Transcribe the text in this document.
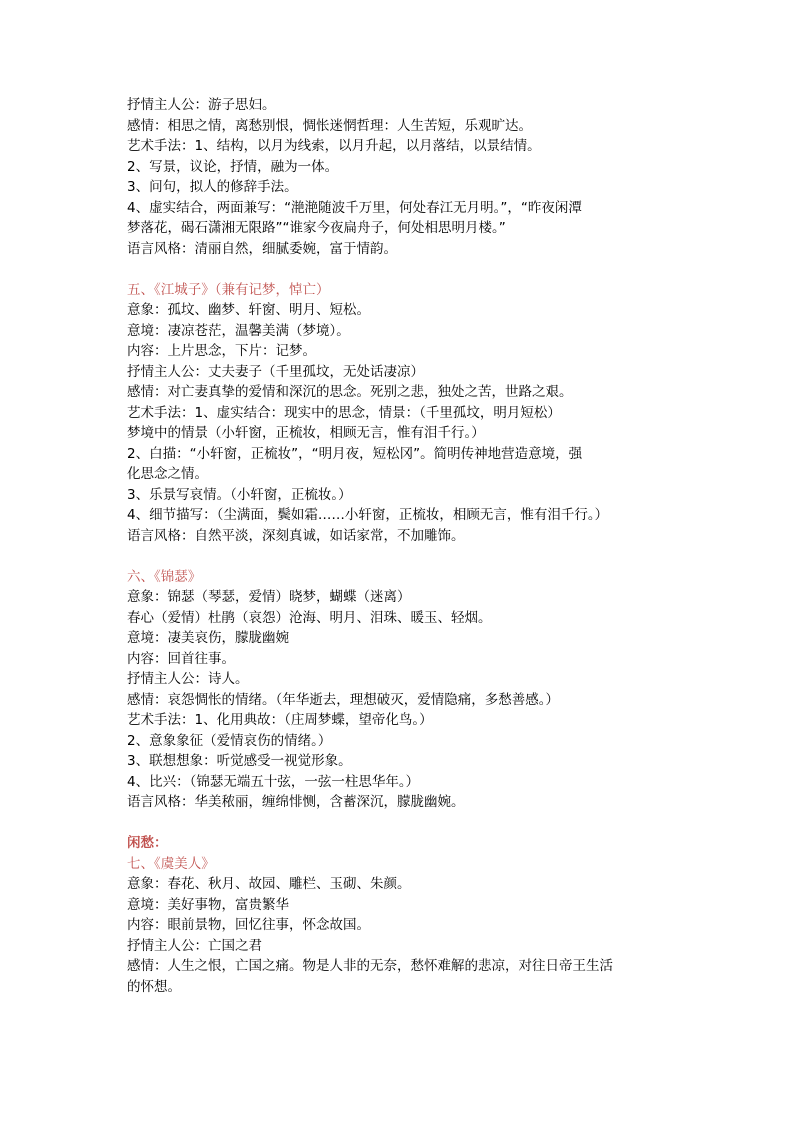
抒情主人公：游子思妇。
感情：相思之情，离愁别恨，惆怅迷惘哲理：人生苦短，乐观旷达。
艺术手法：1、结构，以月为线索，以月升起，以月落结，以景结情。
2、写景，议论，抒情，融为一体。
3、问句，拟人的修辞手法。
4、虚实结合，两面兼写：“滟滟随波千万里，何处春江无月明。”，“昨夜闲潭
梦落花，碣石潇湘无限路”“谁家今夜扁舟子，何处相思明月楼。”
语言风格：清丽自然，细腻委婉，富于情韵。
五、《江城子》（兼有记梦，悼亡）
意象：孤坟、幽梦、轩窗、明月、短松。
意境：凄凉苍茫，温馨美满（梦境）。
内容：上片思念，下片：记梦。
抒情主人公：丈夫妻子（千里孤坟，无处话凄凉）
感情：对亡妻真挚的爱情和深沉的思念。死别之悲，独处之苦，世路之艰。
艺术手法：1、虚实结合：现实中的思念，情景：（千里孤坟，明月短松）
梦境中的情景（小轩窗，正梳妆，相顾无言，惟有泪千行。）
2、白描：“小轩窗，正梳妆”，“明月夜，短松冈”。简明传神地营造意境，强
化思念之情。
3、乐景写哀情。（小轩窗，正梳妆。）
4、细节描写：（尘满面，鬓如霜……小轩窗，正梳妆，相顾无言，惟有泪千行。）
语言风格：自然平淡，深刻真诚，如话家常，不加雕饰。
六、《锦瑟》
意象：锦瑟（琴瑟，爱情）晓梦，蝴蝶（迷离）
春心（爱情）杜鹃（哀怨）沧海、明月、泪珠、暖玉、轻烟。
意境：凄美哀伤，朦胧幽婉
内容：回首往事。
抒情主人公：诗人。
感情：哀怨惆怅的情绪。（年华逝去，理想破灭，爱情隐痛，多愁善感。）
艺术手法：1、化用典故：（庄周梦蝶，望帝化鸟。）
2、意象象征（爱情哀伤的情绪。）
3、联想想象：听觉感受一视觉形象。
4、比兴：（锦瑟无端五十弦，一弦一柱思华年。）
语言风格：华美秾丽，缠绵悱恻，含蓄深沉，朦胧幽婉。
闲愁：
七、《虞美人》
意象：春花、秋月、故园、雕栏、玉砌、朱颜。
意境：美好事物，富贵繁华
内容：眼前景物，回忆往事，怀念故国。
抒情主人公：亡国之君
感情：人生之恨，亡国之痛。物是人非的无奈，愁怀难解的悲凉，对往日帝王生活
的怀想。
